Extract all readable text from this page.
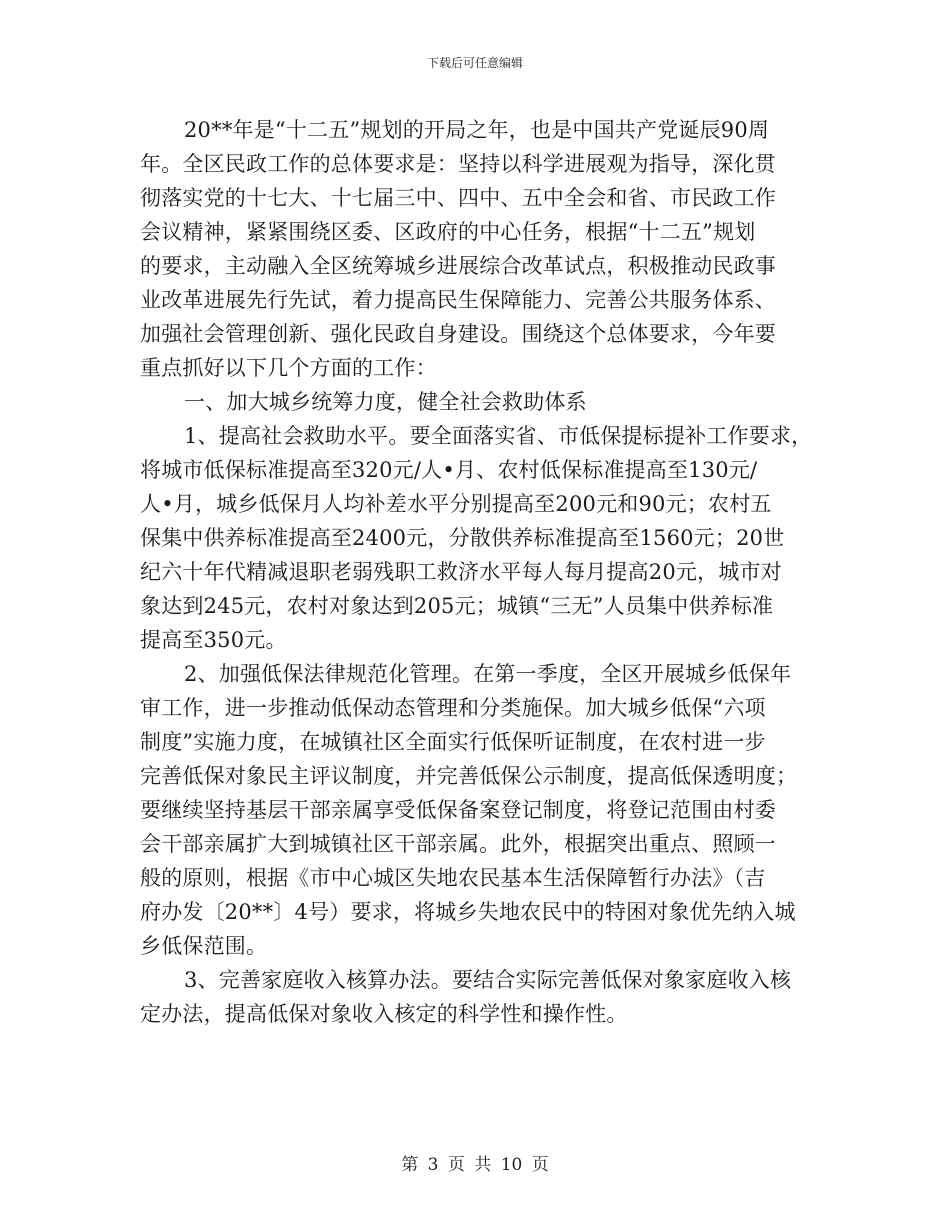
下载后可任意编辑
20**年是“十二五”规划的开局之年，也是中国共产党诞辰90周
年。全区民政工作的总体要求是：坚持以科学进展观为指导，深化贯
彻落实党的十七大、十七届三中、四中、五中全会和省、市民政工作
会议精神，紧紧围绕区委、区政府的中心任务，根据“十二五”规划
的要求，主动融入全区统筹城乡进展综合改革试点，积极推动民政事
业改革进展先行先试，着力提高民生保障能力、完善公共服务体系、
加强社会管理创新、强化民政自身建设。围绕这个总体要求，今年要
重点抓好以下几个方面的工作：
一、加大城乡统筹力度，健全社会救助体系
1、提高社会救助水平。要全面落实省、市低保提标提补工作要求，
将城市低保标准提高至320元/人•月、农村低保标准提高至130元/
人•月，城乡低保月人均补差水平分别提高至200元和90元；农村五
保集中供养标准提高至2400元，分散供养标准提高至1560元；20世
纪六十年代精减退职老弱残职工救济水平每人每月提高20元，城市对
象达到245元，农村对象达到205元；城镇“三无”人员集中供养标准
提高至350元。
2、加强低保法律规范化管理。在第一季度，全区开展城乡低保年
审工作，进一步推动低保动态管理和分类施保。加大城乡低保“六项
制度”实施力度，在城镇社区全面实行低保听证制度，在农村进一步
完善低保对象民主评议制度，并完善低保公示制度，提高低保透明度；
要继续坚持基层干部亲属享受低保备案登记制度，将登记范围由村委
会干部亲属扩大到城镇社区干部亲属。此外，根据突出重点、照顾一
般的原则，根据《市中心城区失地农民基本生活保障暂行办法》（吉
府办发〔20**〕4号）要求，将城乡失地农民中的特困对象优先纳入城
乡低保范围。
3、完善家庭收入核算办法。要结合实际完善低保对象家庭收入核
定办法，提高低保对象收入核定的科学性和操作性。
第 3 页 共 10 页
